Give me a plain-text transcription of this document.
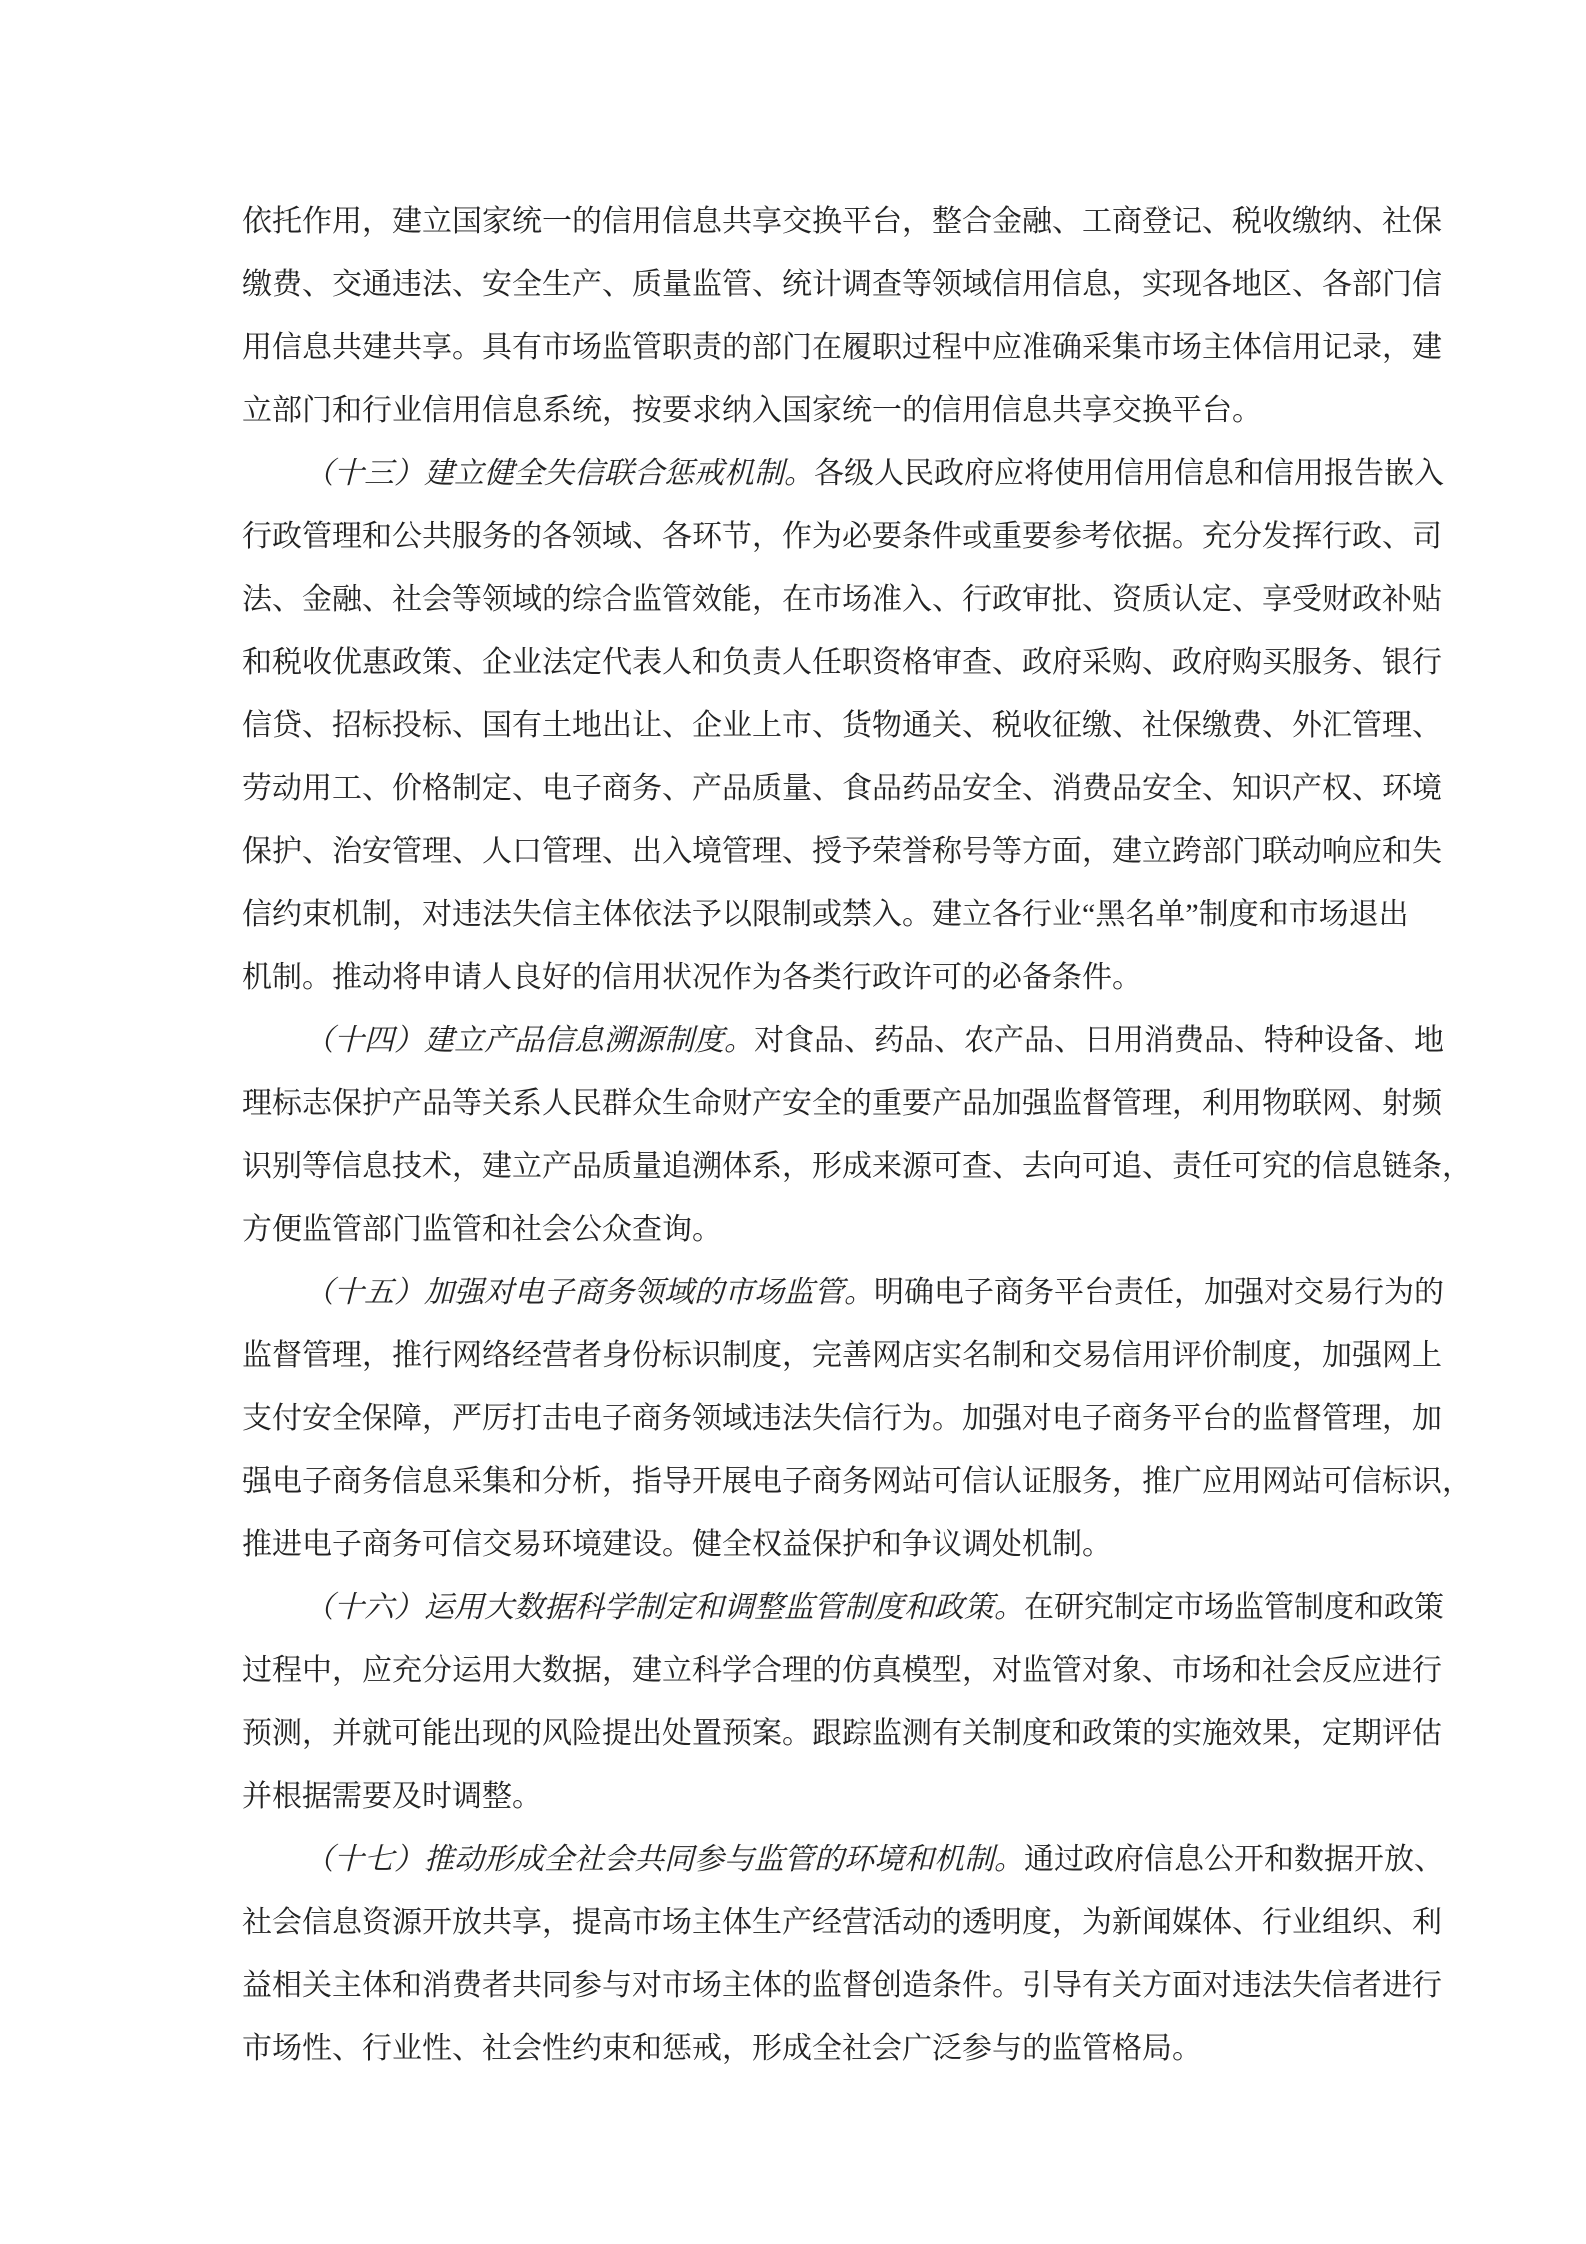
依托作用，建立国家统一的信用信息共享交换平台，整合金融、工商登记、税收缴纳、社保
缴费、交通违法、安全生产、质量监管、统计调查等领域信用信息，实现各地区、各部门信
用信息共建共享。具有市场监管职责的部门在履职过程中应准确采集市场主体信用记录，建
立部门和行业信用信息系统，按要求纳入国家统一的信用信息共享交换平台。
（十三）建立健全失信联合惩戒机制。各级人民政府应将使用信用信息和信用报告嵌入
行政管理和公共服务的各领域、各环节，作为必要条件或重要参考依据。充分发挥行政、司
法、金融、社会等领域的综合监管效能，在市场准入、行政审批、资质认定、享受财政补贴
和税收优惠政策、企业法定代表人和负责人任职资格审查、政府采购、政府购买服务、银行
信贷、招标投标、国有土地出让、企业上市、货物通关、税收征缴、社保缴费、外汇管理、
劳动用工、价格制定、电子商务、产品质量、食品药品安全、消费品安全、知识产权、环境
保护、治安管理、人口管理、出入境管理、授予荣誉称号等方面，建立跨部门联动响应和失
信约束机制，对违法失信主体依法予以限制或禁入。建立各行业“黑名单”制度和市场退出
机制。推动将申请人良好的信用状况作为各类行政许可的必备条件。
（十四）建立产品信息溯源制度。对食品、药品、农产品、日用消费品、特种设备、地
理标志保护产品等关系人民群众生命财产安全的重要产品加强监督管理，利用物联网、射频
识别等信息技术，建立产品质量追溯体系，形成来源可查、去向可追、责任可究的信息链条，
方便监管部门监管和社会公众查询。
（十五）加强对电子商务领域的市场监管。明确电子商务平台责任，加强对交易行为的
监督管理，推行网络经营者身份标识制度，完善网店实名制和交易信用评价制度，加强网上
支付安全保障，严厉打击电子商务领域违法失信行为。加强对电子商务平台的监督管理，加
强电子商务信息采集和分析，指导开展电子商务网站可信认证服务，推广应用网站可信标识，
推进电子商务可信交易环境建设。健全权益保护和争议调处机制。
（十六）运用大数据科学制定和调整监管制度和政策。在研究制定市场监管制度和政策
过程中，应充分运用大数据，建立科学合理的仿真模型，对监管对象、市场和社会反应进行
预测，并就可能出现的风险提出处置预案。跟踪监测有关制度和政策的实施效果，定期评估
并根据需要及时调整。
（十七）推动形成全社会共同参与监管的环境和机制。通过政府信息公开和数据开放、
社会信息资源开放共享，提高市场主体生产经营活动的透明度，为新闻媒体、行业组织、利
益相关主体和消费者共同参与对市场主体的监督创造条件。引导有关方面对违法失信者进行
市场性、行业性、社会性约束和惩戒，形成全社会广泛参与的监管格局。
